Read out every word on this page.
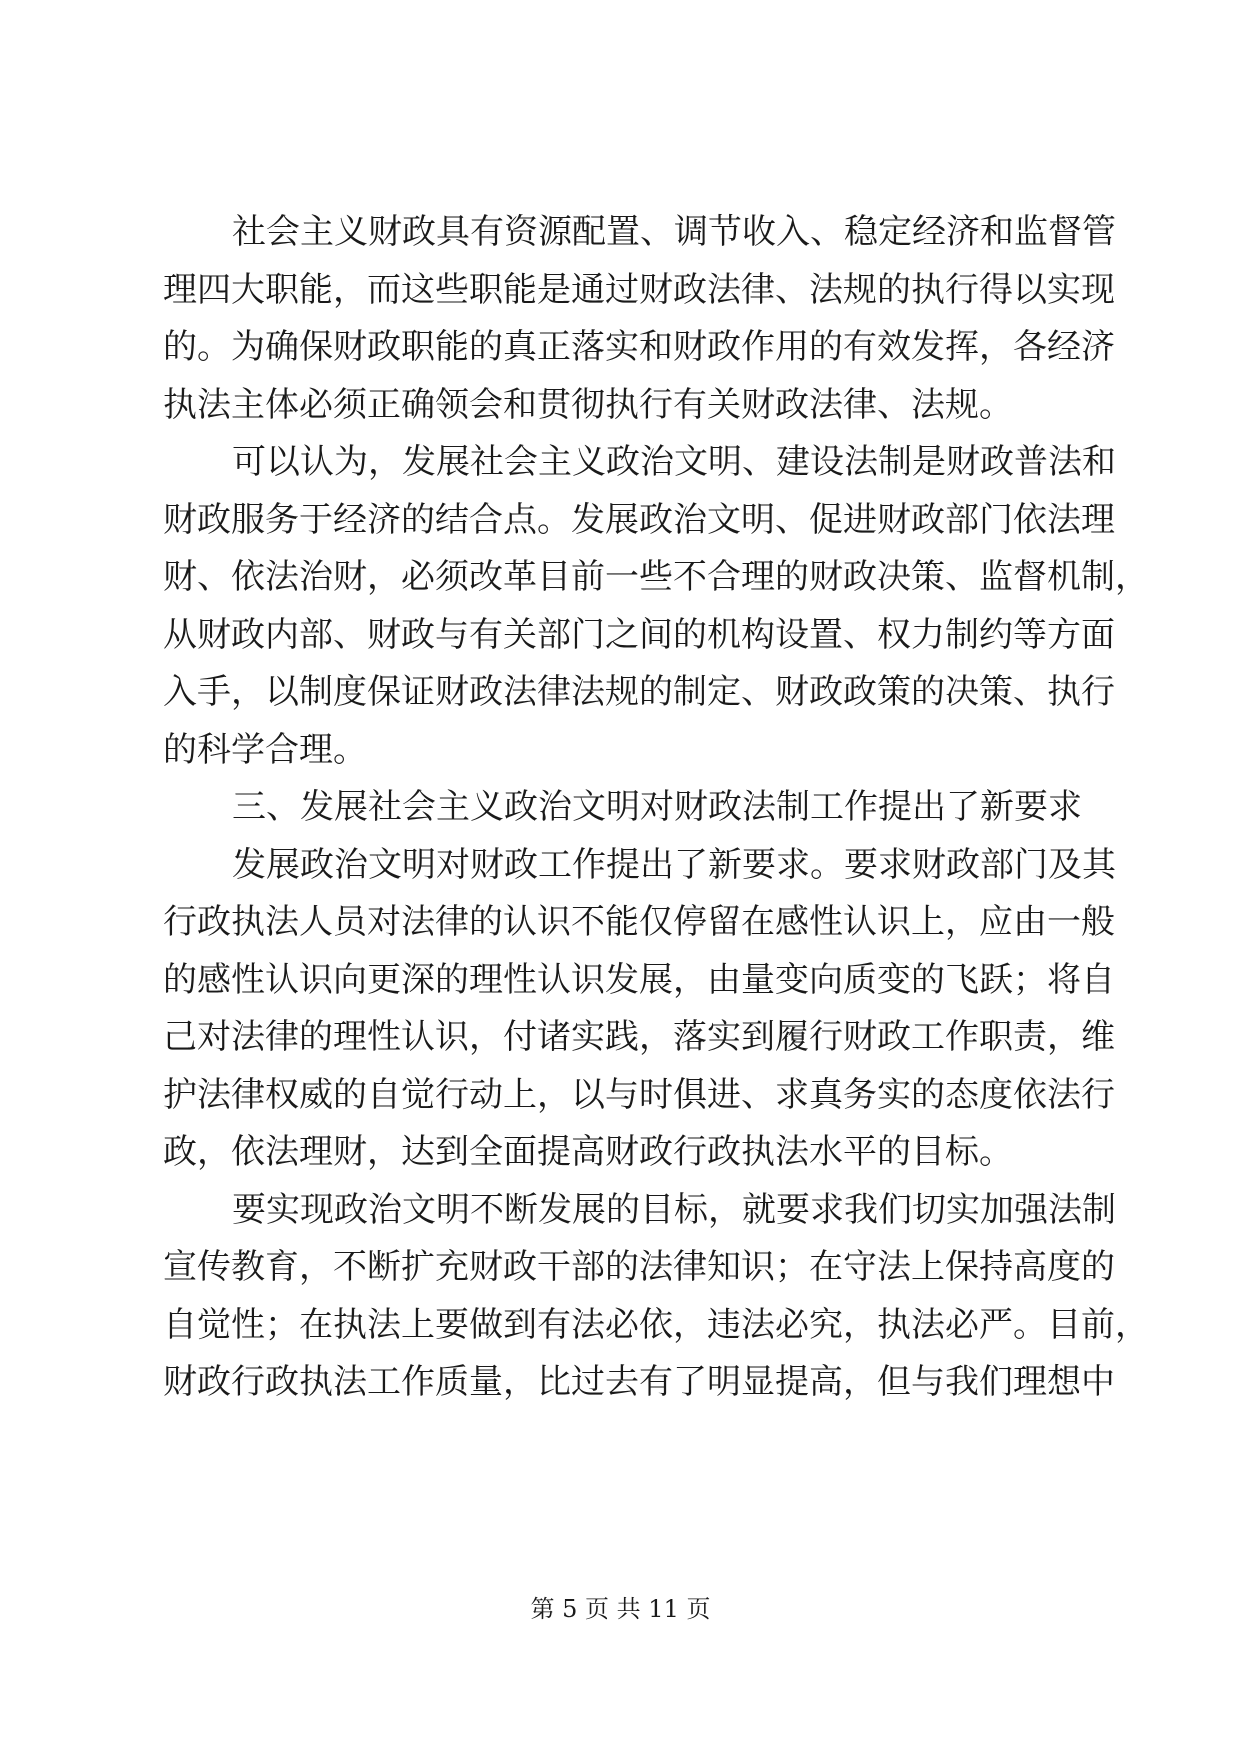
社会主义财政具有资源配置、调节收入、稳定经济和监督管
理四大职能，而这些职能是通过财政法律、法规的执行得以实现
的。为确保财政职能的真正落实和财政作用的有效发挥，各经济
执法主体必须正确领会和贯彻执行有关财政法律、法规。
可以认为，发展社会主义政治文明、建设法制是财政普法和
财政服务于经济的结合点。发展政治文明、促进财政部门依法理
财、依法治财，必须改革目前一些不合理的财政决策、监督机制，
从财政内部、财政与有关部门之间的机构设置、权力制约等方面
入手，以制度保证财政法律法规的制定、财政政策的决策、执行
的科学合理。
三、发展社会主义政治文明对财政法制工作提出了新要求
发展政治文明对财政工作提出了新要求。要求财政部门及其
行政执法人员对法律的认识不能仅停留在感性认识上，应由一般
的感性认识向更深的理性认识发展，由量变向质变的飞跃；将自
己对法律的理性认识，付诸实践，落实到履行财政工作职责，维
护法律权威的自觉行动上，以与时俱进、求真务实的态度依法行
政，依法理财，达到全面提高财政行政执法水平的目标。
要实现政治文明不断发展的目标，就要求我们切实加强法制
宣传教育，不断扩充财政干部的法律知识；在守法上保持高度的
自觉性；在执法上要做到有法必依，违法必究，执法必严。目前，
财政行政执法工作质量，比过去有了明显提高，但与我们理想中
第 5 页 共 11 页
